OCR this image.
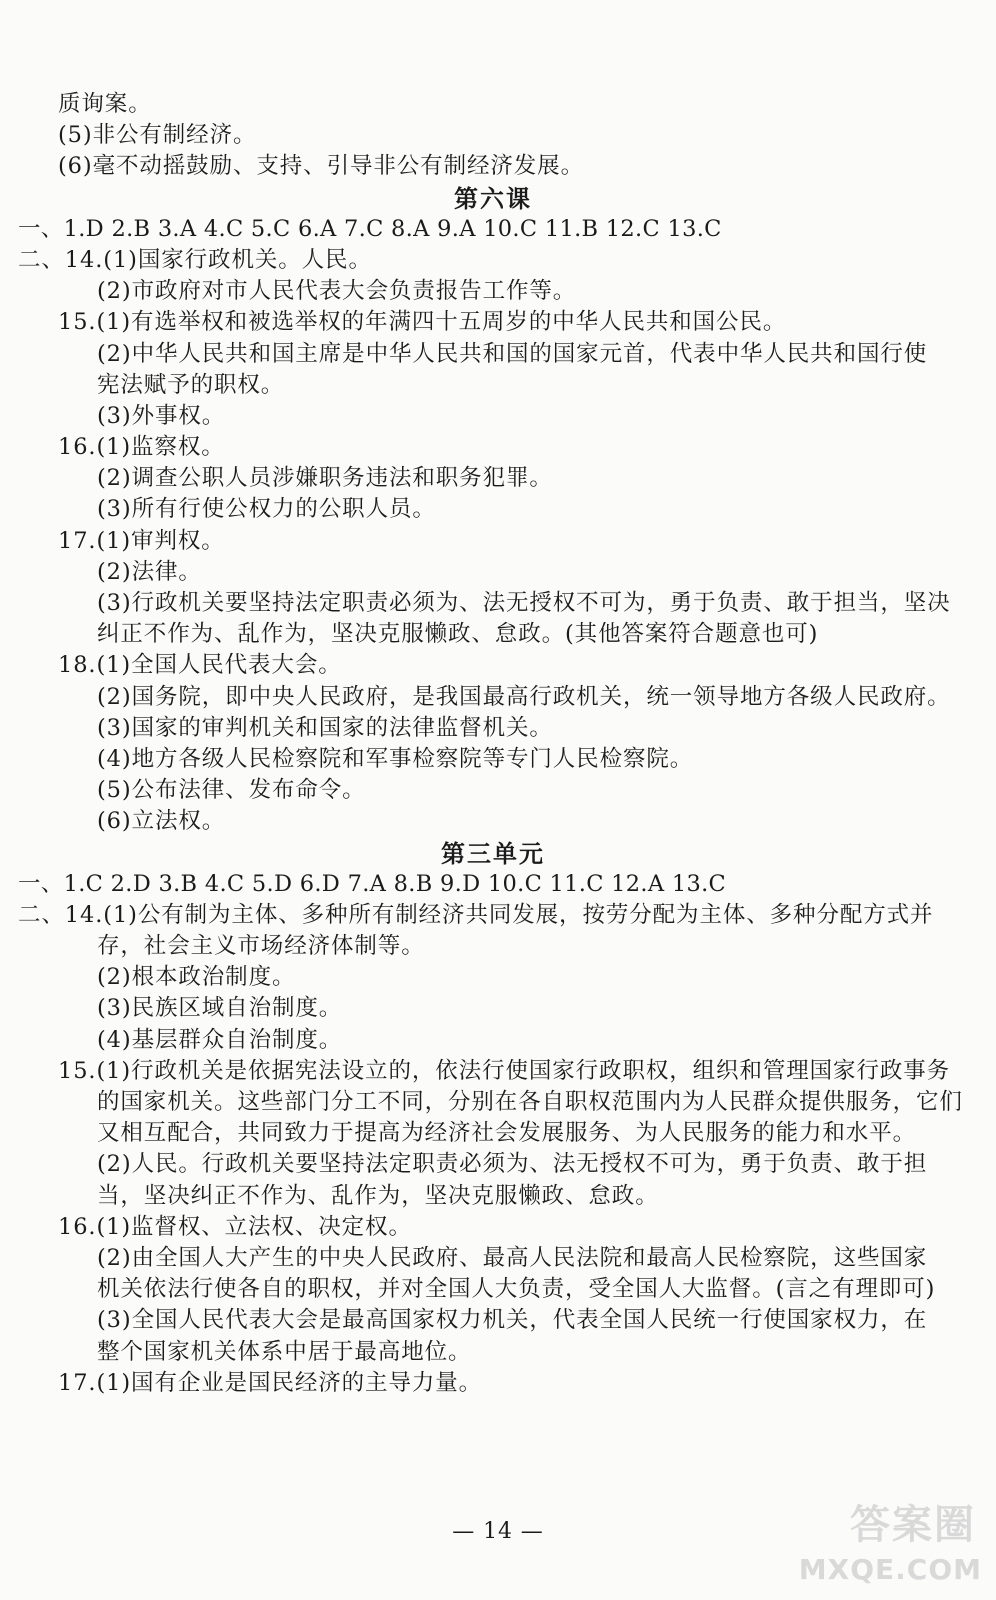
质询案。
(5)非公有制经济。
(6)毫不动摇鼓励、支持、引导非公有制经济发展。
第六课
一、1.D 2.B 3.A 4.C 5.C 6.A 7.C 8.A 9.A 10.C 11.B 12.C 13.C
二、14.(1)国家行政机关。人民。
(2)市政府对市人民代表大会负责报告工作等。
15.(1)有选举权和被选举权的年满四十五周岁的中华人民共和国公民。
(2)中华人民共和国主席是中华人民共和国的国家元首，代表中华人民共和国行使
宪法赋予的职权。
(3)外事权。
16.(1)监察权。
(2)调查公职人员涉嫌职务违法和职务犯罪。
(3)所有行使公权力的公职人员。
17.(1)审判权。
(2)法律。
(3)行政机关要坚持法定职责必须为、法无授权不可为，勇于负责、敢于担当，坚决
纠正不作为、乱作为，坚决克服懒政、怠政。(其他答案符合题意也可)
18.(1)全国人民代表大会。
(2)国务院，即中央人民政府，是我国最高行政机关，统一领导地方各级人民政府。
(3)国家的审判机关和国家的法律监督机关。
(4)地方各级人民检察院和军事检察院等专门人民检察院。
(5)公布法律、发布命令。
(6)立法权。
第三单元
一、1.C 2.D 3.B 4.C 5.D 6.D 7.A 8.B 9.D 10.C 11.C 12.A 13.C
二、14.(1)公有制为主体、多种所有制经济共同发展，按劳分配为主体、多种分配方式并
存，社会主义市场经济体制等。
(2)根本政治制度。
(3)民族区域自治制度。
(4)基层群众自治制度。
15.(1)行政机关是依据宪法设立的，依法行使国家行政职权，组织和管理国家行政事务
的国家机关。这些部门分工不同，分别在各自职权范围内为人民群众提供服务，它们
又相互配合，共同致力于提高为经济社会发展服务、为人民服务的能力和水平。
(2)人民。行政机关要坚持法定职责必须为、法无授权不可为，勇于负责、敢于担
当，坚决纠正不作为、乱作为，坚决克服懒政、怠政。
16.(1)监督权、立法权、决定权。
(2)由全国人大产生的中央人民政府、最高人民法院和最高人民检察院，这些国家
机关依法行使各自的职权，并对全国人大负责，受全国人大监督。(言之有理即可)
(3)全国人民代表大会是最高国家权力机关，代表全国人民统一行使国家权力，在
整个国家机关体系中居于最高地位。
17.(1)国有企业是国民经济的主导力量。
— 14 —	答案圈
MXQE.COM
